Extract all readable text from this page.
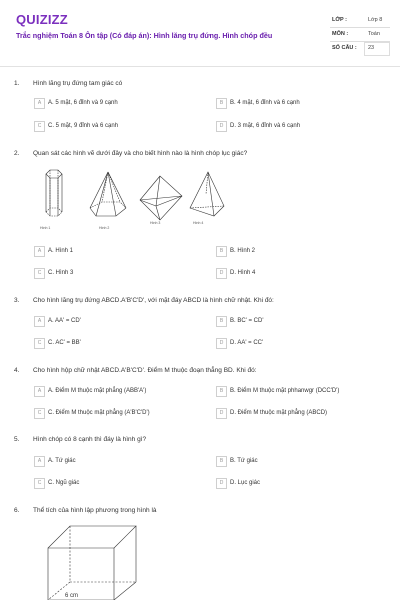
QUIZIZZ
Trắc nghiệm Toán 8 Ôn tập (Có đáp án): Hình lăng trụ đứng. Hình chóp đều
LỚP :	Lớp 8
MÔN :	Toán
SỐ CÂU : 23
1. Hình lăng trụ đứng tam giác có
A	A. 5 mặt, 6 đỉnh và 9 cạnh	B	B. 4 mặt, 6 đỉnh và 6 cạnh
C	C. 5 mặt, 9 đỉnh và 6 cạnh	D	D. 3 mặt, 6 đỉnh và 6 cạnh
2. Quan sát các hình vẽ dưới đây và cho biết hình nào là hình chóp lục giác?
Hình 1	Hình 2
Hình 3	Hình 4
A	A. Hình 1	B	B. Hình 2
C	C. Hình 3	D	D. Hình 4
3. Cho hình lăng trụ đứng ABCD.A'B'C'D', với mặt đáy ABCD là hình chữ nhật. Khi đó:
A	A. AA' = CD'	B	B. BC' = CD'
C	C. AC' = BB'	D	D. AA' = CC'
4. Cho hình hộp chữ nhật ABCD.A'B'C'D'. Điểm M thuộc đoạn thẳng BD. Khi đó:
A	A. Điểm M thuộc mặt phẳng (ABB'A')	B	B. Điểm M thuộc mặt phhanwgr (DCC'D')
C	C. Điểm M thuộc mặt phẳng (A'B'C'D')	D	D. Điểm M thuộc mặt phẳng (ABCD)
5. Hình chóp có 8 cạnh thì đáy là hình gì?
A	A. Tứ giác	B	B. Tứ giác
C	C. Ngũ giác	D	D. Lục giác
6. Thể tích của hình lập phương trong hình là
6 cm
